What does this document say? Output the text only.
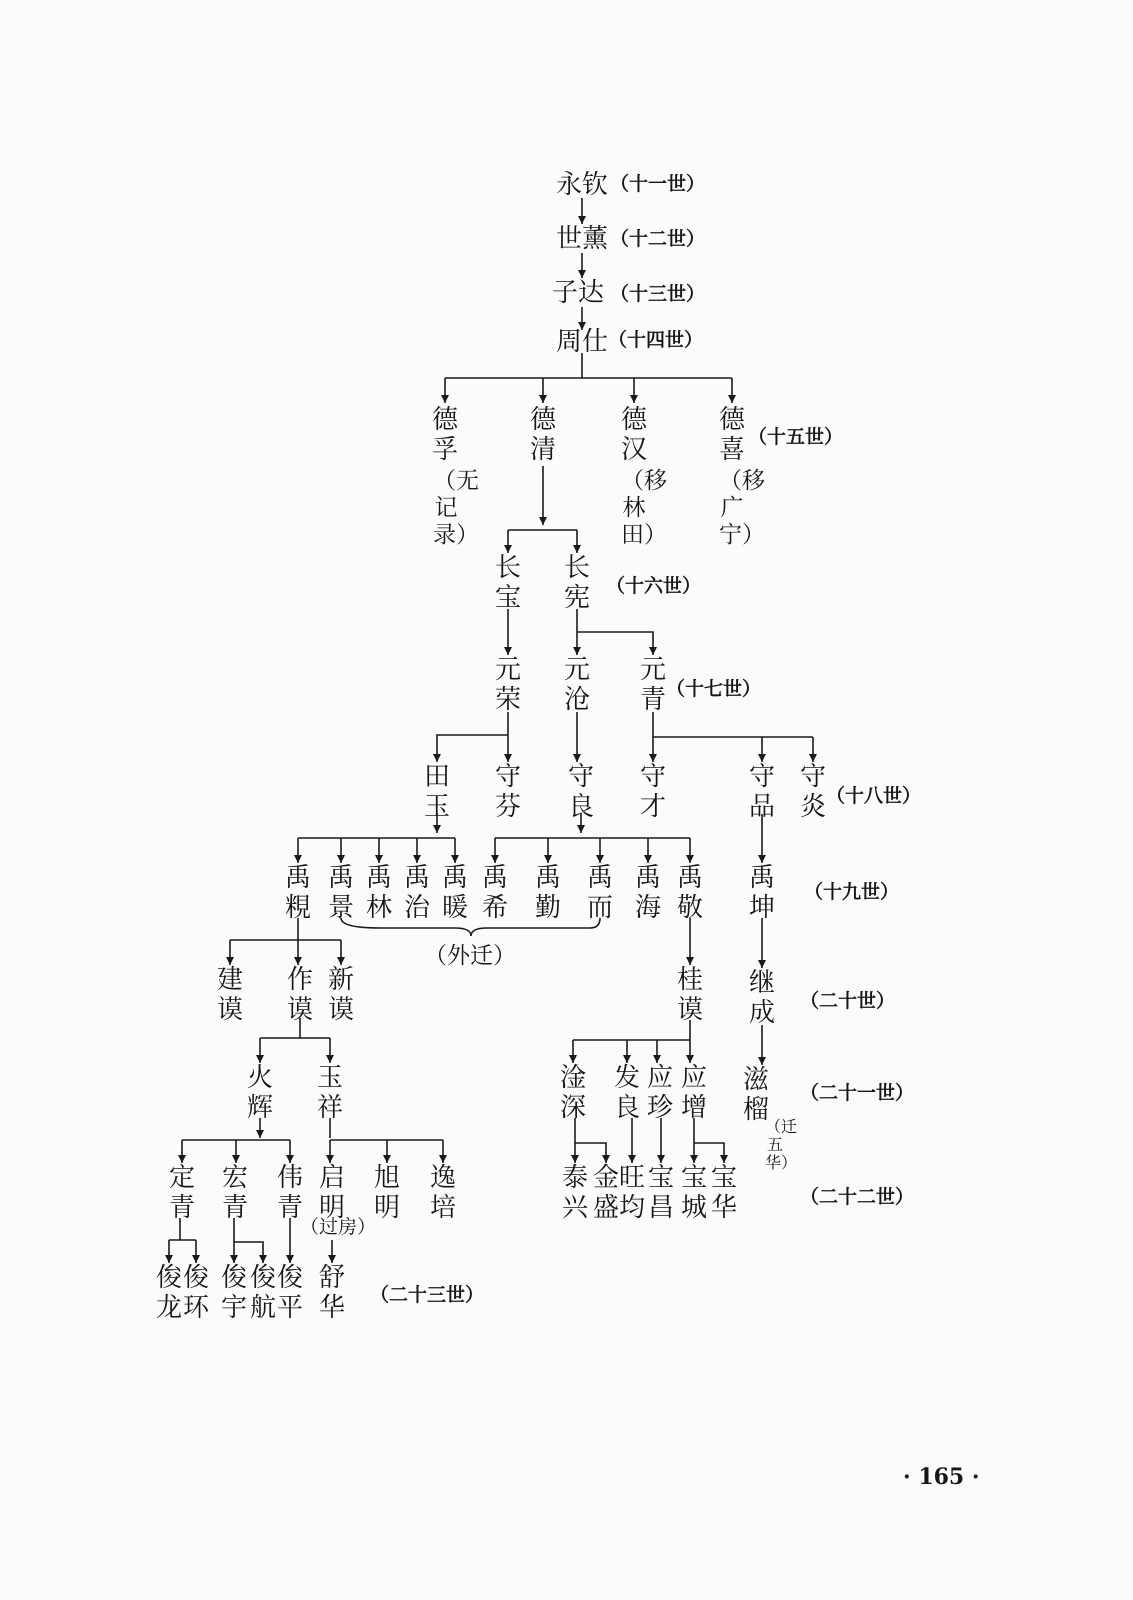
永钦 （十一世）
世薰 （十二世）
子达 （十三世）
周仕 （十四世）
德孚
（无记录）
德清
德汉
（移林田）
德喜
（移广宁）
（十五世）
长宝
长宪 （十六世）
元荣
元沧
元青 （十七世）
田玉
守芬
守良
守才
守品
守炎 （十八世）
禹粯
禹景
禹林
禹治
禹暖
禹希
禹勤
禹而
禹海
禹敬
禹坤
（十九世）
（外迁）
建谟
作谟
新谟
桂谟
继成 （二十世）
火辉
玉祥
淦深
发良
应珍
应增
滋榴
（迁五华）
（二十一世）
定青
宏青
伟青
启明
（过房）
旭明
逸培
泰兴
金盛
旺均
宝昌
宝城
宝华	（二十二世）
俊龙
俊环
俊宇
俊航
俊平
舒华 （二十三世）
· 165 ·
